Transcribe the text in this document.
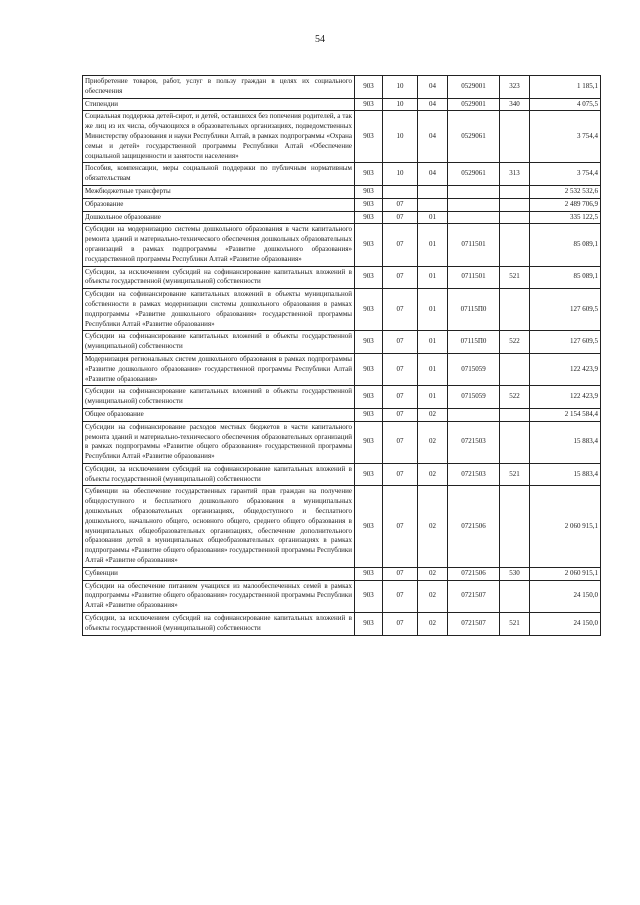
54
Приобретение товаров, работ, услуг в пользу граждан в целях их социального обеспечения	903	10	04	0529001	323	1 185,1
Стипендии	903	10	04	0529001	340	4 075,5
Социальная поддержка детей-сирот, и детей, оставшихся без попечения родителей, а так же лиц из их числа, обучающихся в образовательных организациях, подведомственных Министерству образования и науки Республики Алтай, в рамках подпрограммы «Охрана семьи и детей» государственной программы Республики Алтай «Обеспечение социальной защищенности и занятости населения»	903	10	04	0529061		3 754,4
Пособия, компенсации, меры социальной поддержки по публичным нормативным обязательствам	903	10	04	0529061	313	3 754,4
Межбюджетные трансферты	903					2 532 532,6
Образование	903	07				2 489 706,9
Дошкольное образование	903	07	01			335 122,5
Субсидии на модернизацию системы дошкольного образования в части капитального ремонта зданий и материально-технического обеспечения дошкольных образовательных организаций в рамках подпрограммы «Развитие дошкольного образования» государственной программы Республики Алтай «Развитие образования»	903	07	01	0711501		85 089,1
Субсидии, за исключением субсидий на софинансирование капитальных вложений в объекты государственной (муниципальной) собственности	903	07	01	0711501	521	85 089,1
Субсидии на софинансирование капитальных вложений в объекты муниципальной собственности в рамках модернизации системы дошкольного образования в рамках подпрограммы «Развитие дошкольного образования» государственной программы Республики Алтай «Развитие образования»	903	07	01	07115П0		127 609,5
Субсидии на софинансирование капитальных вложений в объекты государственной (муниципальной) собственности	903	07	01	07115П0	522	127 609,5
Модернизация региональных систем дошкольного образования в рамках подпрограммы «Развитие дошкольного образования» государственной программы Республики Алтай «Развитие образования»	903	07	01	0715059		122 423,9
Субсидии на софинансирование капитальных вложений в объекты государственной (муниципальной) собственности	903	07	01	0715059	522	122 423,9
Общее образование	903	07	02			2 154 584,4
Субсидии на софинансирование расходов местных бюджетов в части капитального ремонта зданий и материально-технического обеспечения образовательных организаций в рамках подпрограммы «Развитие общего образования» государственной программы Республики Алтай «Развитие образования»	903	07	02	0721503		15 883,4
Субсидии, за исключением субсидий на софинансирование капитальных вложений в объекты государственной (муниципальной) собственности	903	07	02	0721503	521	15 883,4
Субвенции на обеспечение государственных гарантий прав граждан на получение общедоступного и бесплатного дошкольного образования в муниципальных дошкольных образовательных организациях, общедоступного и бесплатного дошкольного, начального общего, основного общего, среднего общего образования в муниципальных общеобразовательных организациях, обеспечение дополнительного образования детей в муниципальных общеобразовательных организациях в рамках подпрограммы «Развитие общего образования» государственной программы Республики Алтай «Развитие образования»	903	07	02	0721506		2 060 915,1
Субвенции	903	07	02	0721506	530	2 060 915,1
Субсидии на обеспечение питанием учащихся из малообеспеченных семей в рамках подпрограммы «Развитие общего образования» государственной программы Республики Алтай «Развитие образования»	903	07	02	0721507		24 150,0
Субсидии, за исключением субсидий на софинансирование капитальных вложений в объекты государственной (муниципальной) собственности	903	07	02	0721507	521	24 150,0
